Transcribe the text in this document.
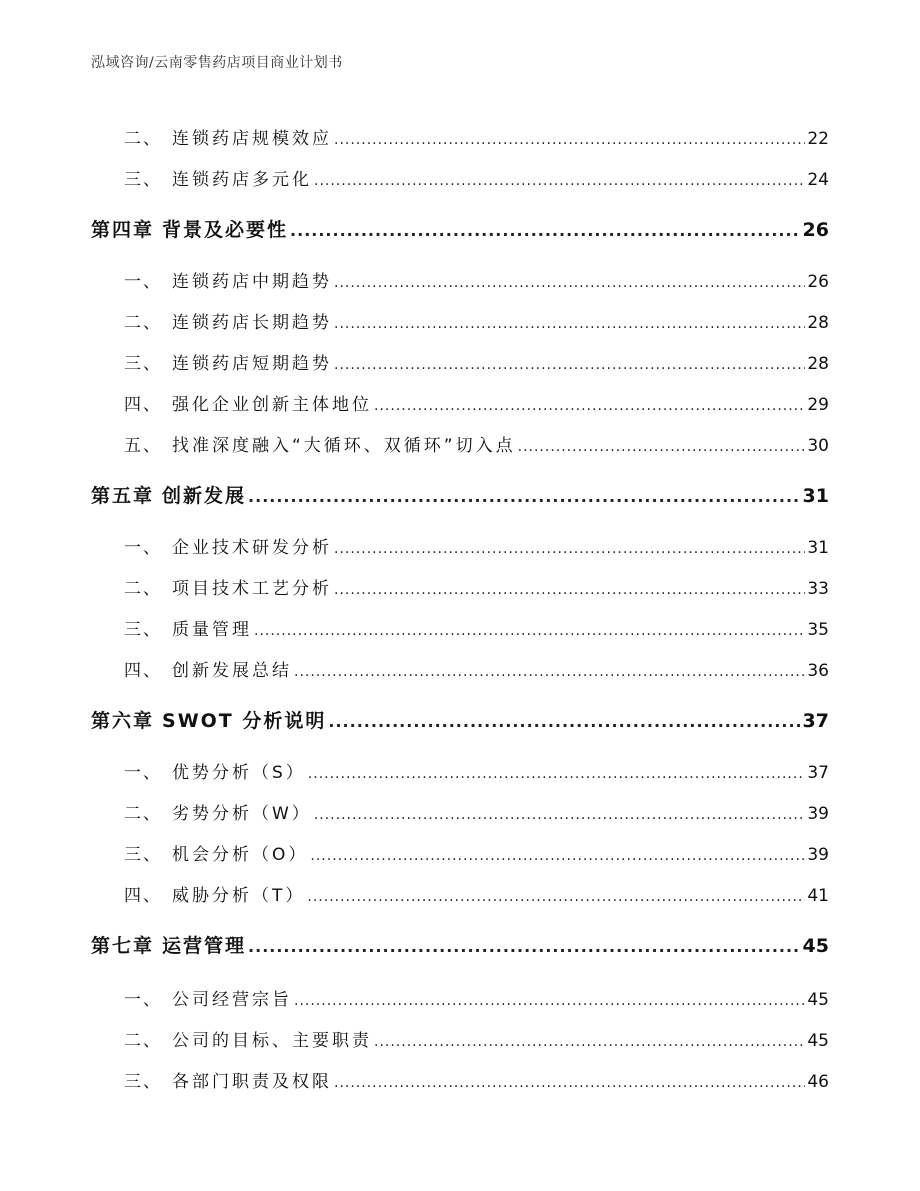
泓域咨询/云南零售药店项目商业计划书
二、 连锁药店规模效应 .....	22
三、 连锁药店多元化 .....	24
第四章 背景及必要性 .....	26
一、 连锁药店中期趋势 .....	26
二、 连锁药店长期趋势 .....	28
三、 连锁药店短期趋势 .....	28
四、 强化企业创新主体地位 .....	29
五、 找准深度融入“大循环、双循环”切入点 .....	30
第五章 创新发展 .....	31
一、 企业技术研发分析 .....	31
二、 项目技术工艺分析 .....	33
三、 质量管理 .....	35
四、 创新发展总结 .....	36
第六章 SWOT 分析说明 .....	37
一、 优势分析（S） .....	37
二、 劣势分析（W） .....	39
三、 机会分析（O） .....	39
四、 威胁分析（T） .....	41
第七章 运营管理 .....	45
一、 公司经营宗旨 .....	45
二、 公司的目标、主要职责 .....	45
三、 各部门职责及权限 .....	46
